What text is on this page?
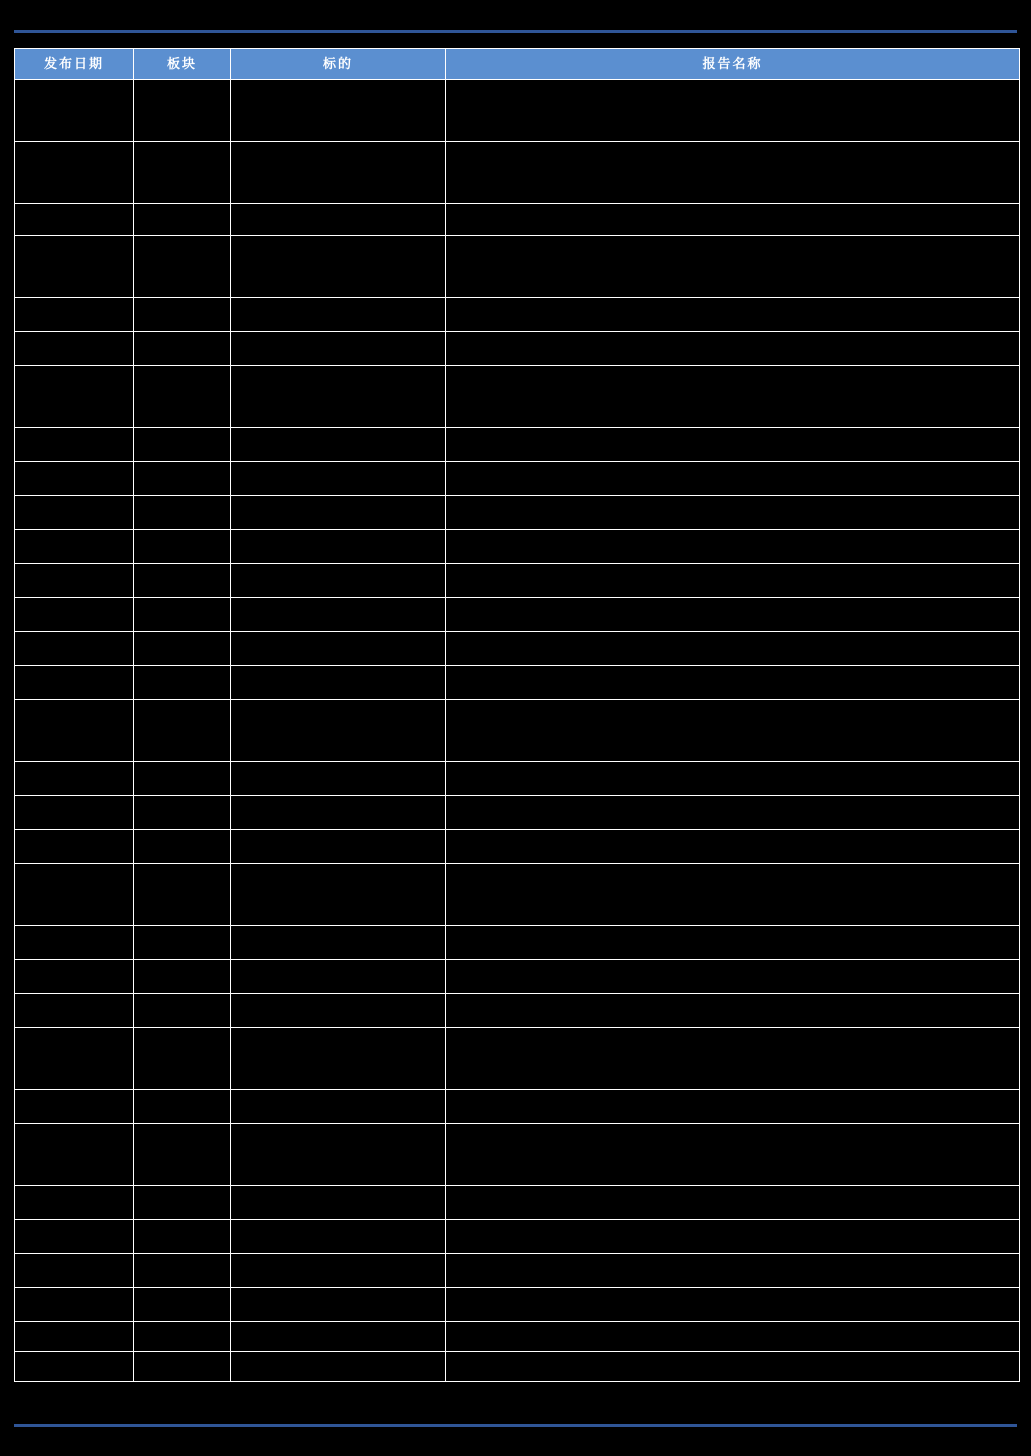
发布日期	板块	标的	报告名称
